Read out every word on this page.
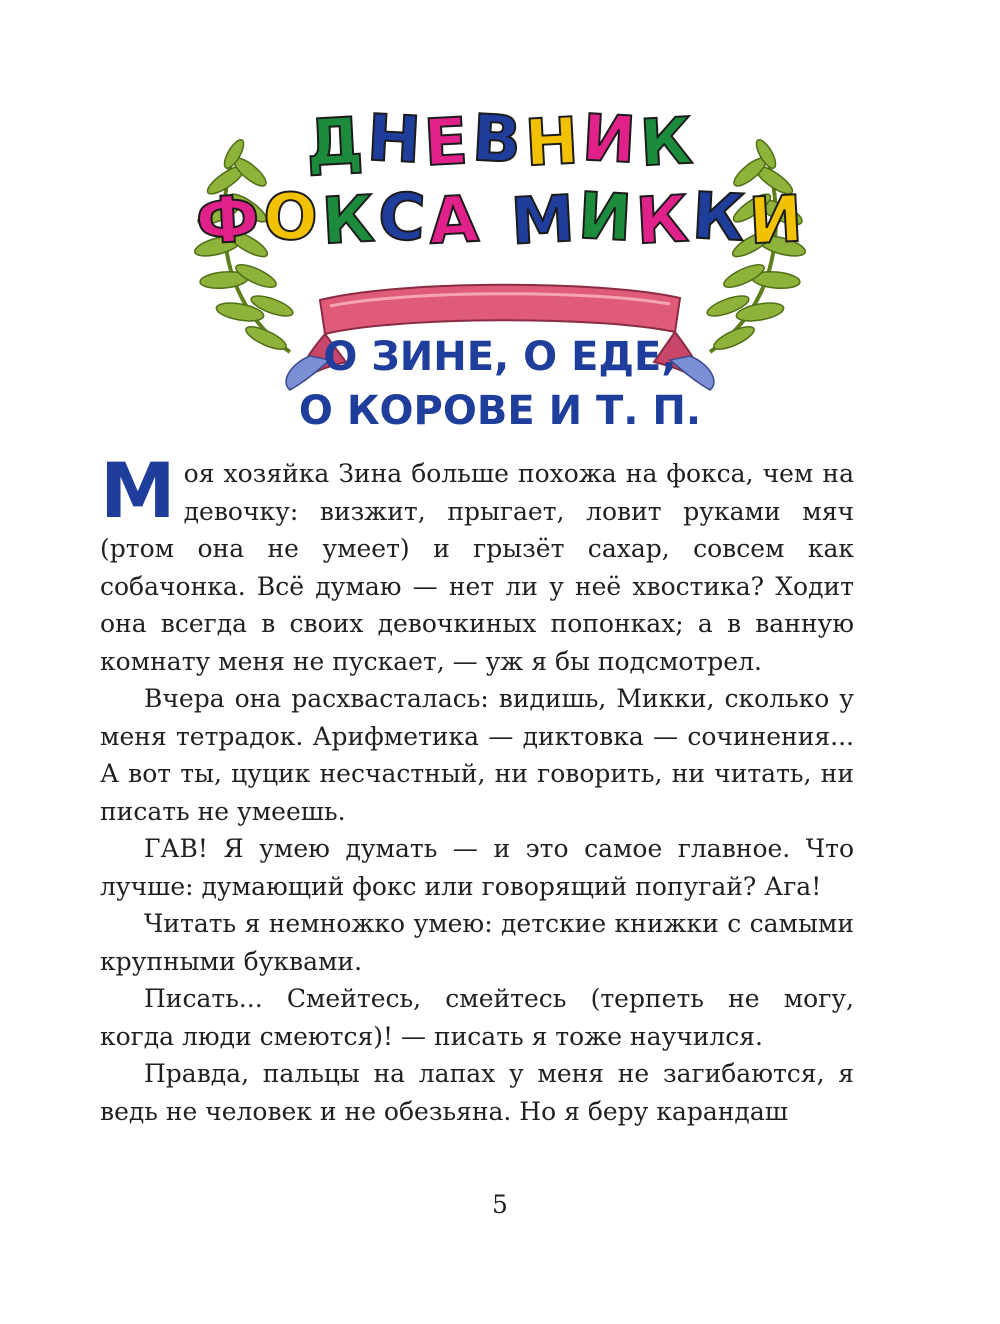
ДНЕВНИК
ФОКСА МИККИ
О ЗИНЕ, О ЕДЕ,
О КОРОВЕ И Т. П.

Моя хозяйка Зина больше похожа на фокса, чем на девочку: визжит, прыгает, ловит руками мяч (ртом она не умеет) и грызёт сахар, совсем как собачонка. Всё думаю — нет ли у неё хвостика? Ходит она всегда в своих девочкиных попонках; а в ванную комнату меня не пускает, — уж я бы подсмотрел.

Вчера она расхвасталась: видишь, Микки, сколько у меня тетрадок. Арифметика — диктовка — сочинения... А вот ты, цуцик несчастный, ни говорить, ни читать, ни писать не умеешь.

ГАВ! Я умею думать — и это самое главное. Что лучше: думающий фокс или говорящий попугай? Ага!

Читать я немножко умею: детские книжки с самыми крупными буквами.

Писать... Смейтесь, смейтесь (терпеть не могу, когда люди смеются)! — писать я тоже научился.

Правда, пальцы на лапах у меня не загибаются, я ведь не человек и не обезьяна. Но я беру карандаш

5
